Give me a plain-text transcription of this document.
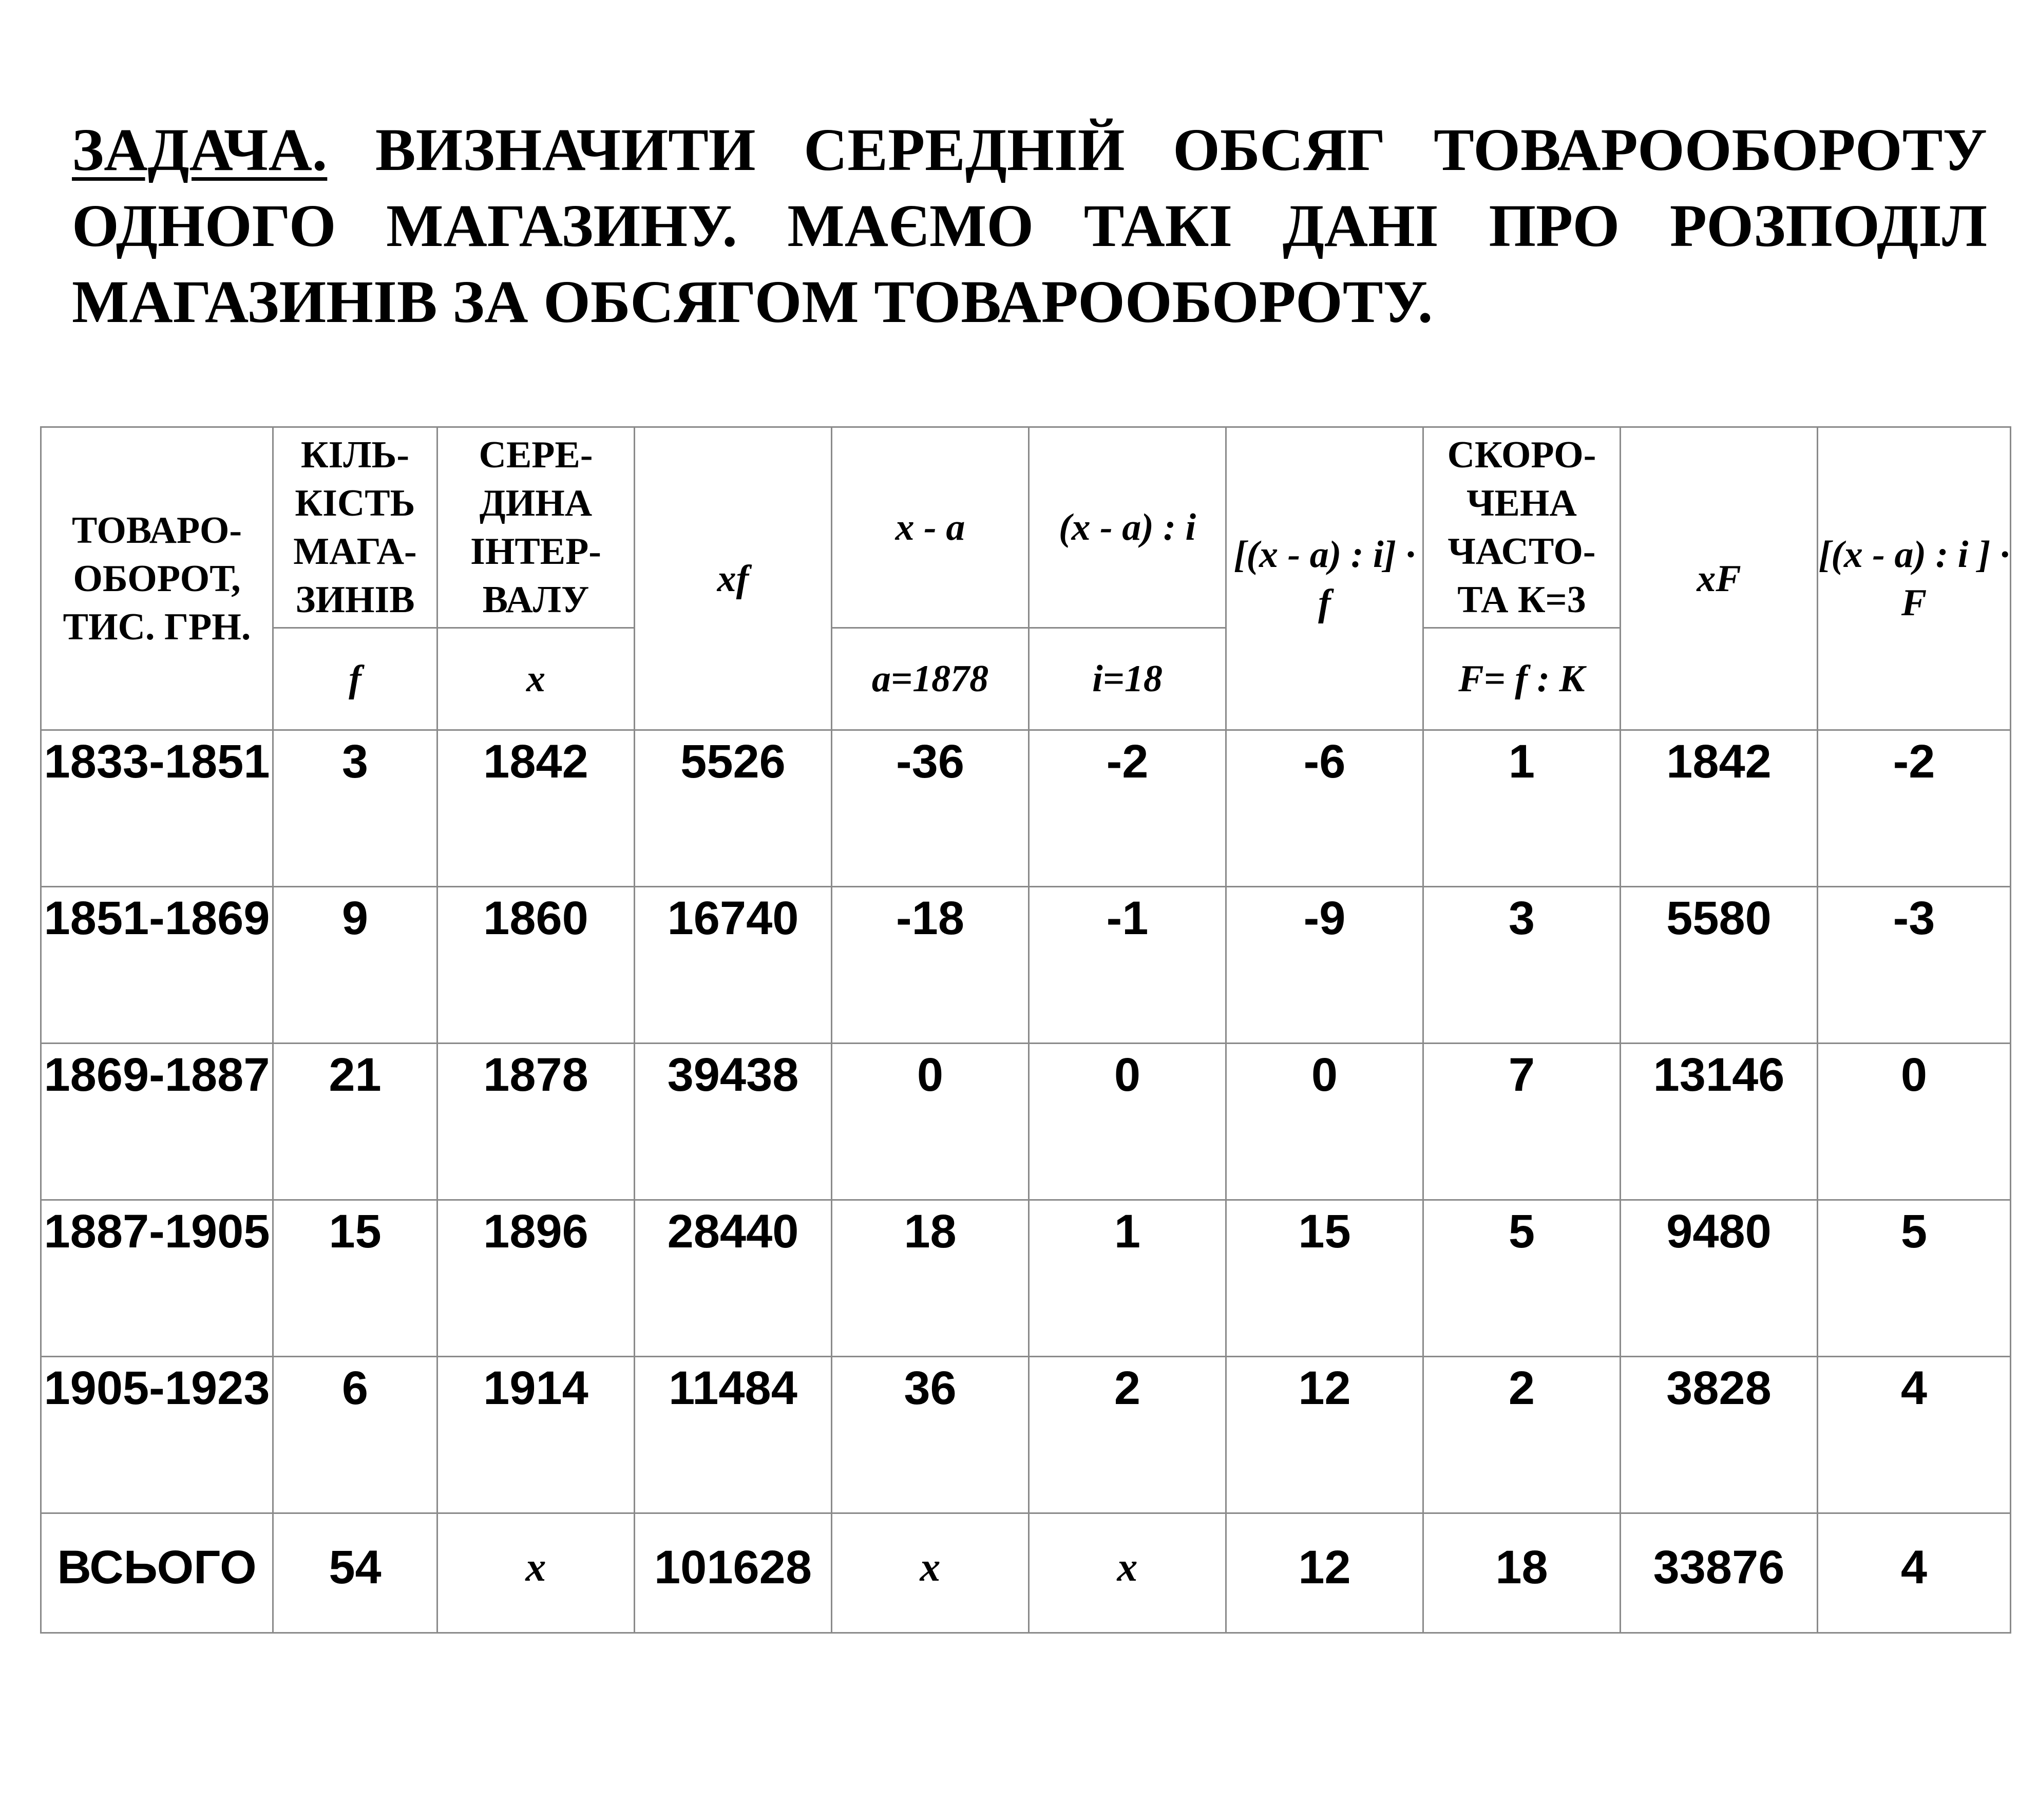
ЗАДАЧА. ВИЗНАЧИТИ СЕРЕДНІЙ ОБСЯГ ТОВАРООБОРОТУ ОДНОГО МАГАЗИНУ. МАЄМО ТАКІ ДАНІ ПРО РОЗПОДІЛ МАГАЗИНІВ ЗА ОБСЯГОМ ТОВАРООБОРОТУ.

ТОВАРО-ОБОРОТ, ТИС. ГРН.	КІЛЬ-КІСТЬ МАГА-ЗИНІВ	СЕРЕ-ДИНА ІНТЕР-ВАЛУ	xf	x - a	(x - a) : i	[(x - a) : i] · f	СКОРО-ЧЕНА ЧАСТО-ТА К=3	xF	[(x - a) : i ] · F
	f	x		a=1878	i=18		F= f : К		
1833-1851	3	1842	5526	-36	-2	-6	1	1842	-2
1851-1869	9	1860	16740	-18	-1	-9	3	5580	-3
1869-1887	21	1878	39438	0	0	0	7	13146	0
1887-1905	15	1896	28440	18	1	15	5	9480	5
1905-1923	6	1914	11484	36	2	12	2	3828	4
ВСЬОГО	54	x	101628	x	x	12	18	33876	4
